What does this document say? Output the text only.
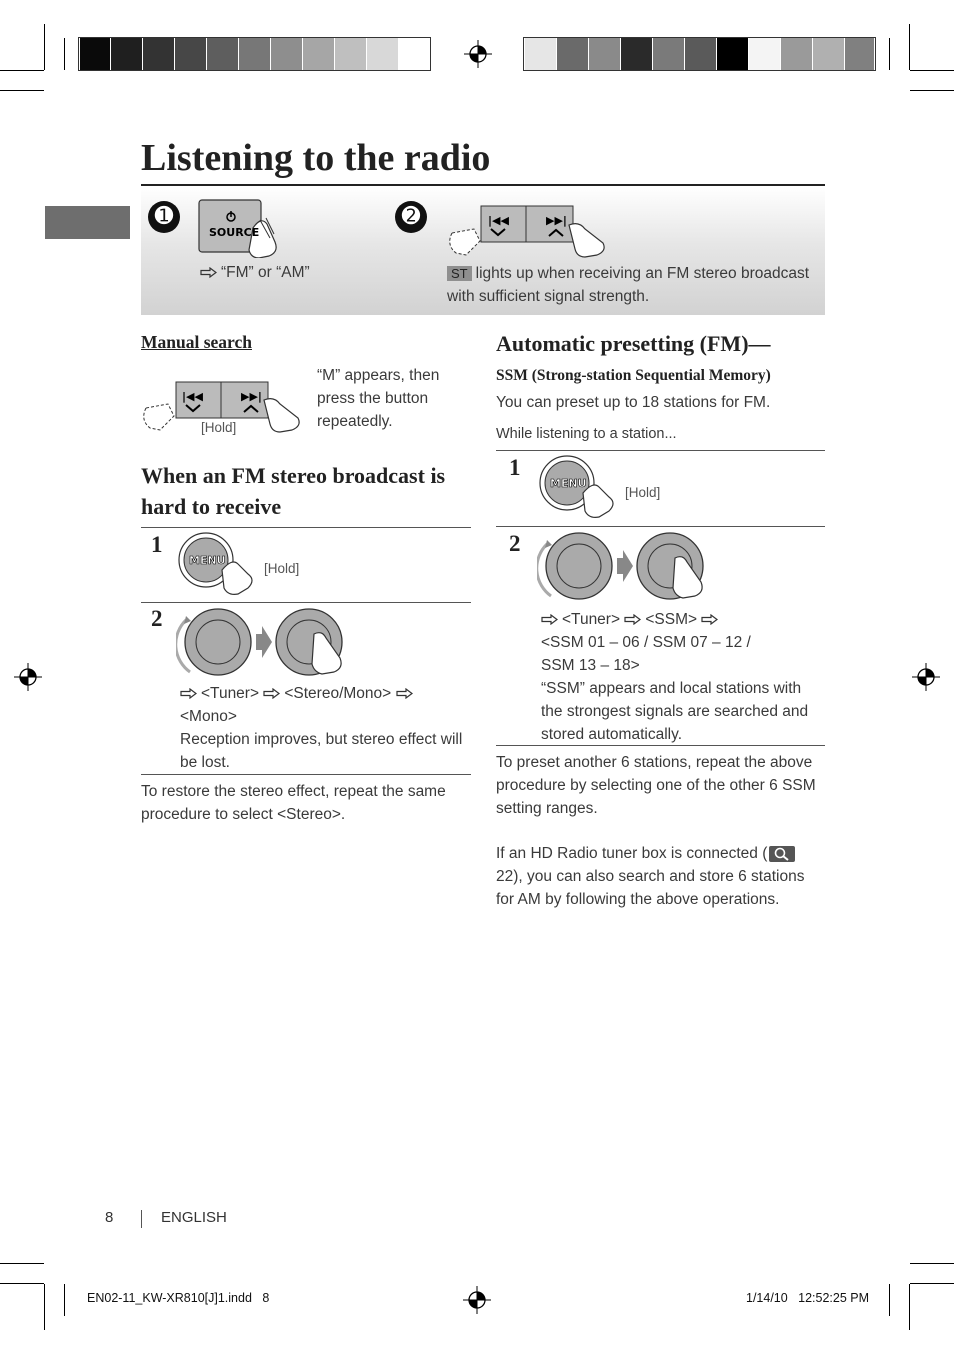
Listening to the radio
➊	➋
SOURCE
“FM” or “AM”
|◀◀	▶▶|
ST lights up when receiving an FM stereo broadcast with sufficient signal strength.
Manual search
|◀◀	▶▶|
[Hold]
“M” appears, then press the button repeatedly.
When an FM stereo broadcast is hard to receive
1
MENU
[Hold]
2
<Tuner> <Stereo/Mono>  <Mono>
Reception improves, but stereo effect will be lost.
To restore the stereo effect, repeat the same procedure to select <Stereo>.
Automatic presetting (FM)—
SSM (Strong-station Sequential Memory)
You can preset up to 18 stations for FM.
While listening to a station...
1
MENU
[Hold]
2
<Tuner> <SSM>
<SSM 01 – 06 / SSM 07 – 12 / SSM 13 – 18>
“SSM” appears and local stations with the strongest signals are searched and stored automatically.
To preset another 6 stations, repeat the above procedure by selecting one of the other 6 SSM setting ranges.
If an HD Radio tuner box is connected (
22), you can also search and store 6 stations for AM by following the above operations.
8	ENGLISH
EN02-11_KW-XR810[J]1.indd   8	1/14/10   12:52:25 PM
